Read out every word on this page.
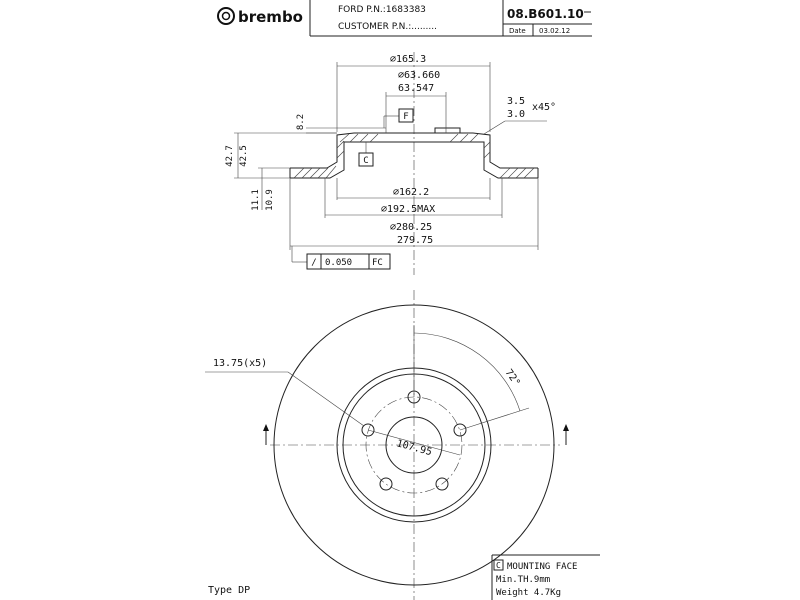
brembo	FORD P.N.:1683383
CUSTOMER P.N.:.........
08.B601.10
Date 03.02.12
∅165.3
∅63.660
63.547
8.2	F
3.5
3.0
x45°
C
42.7 42.5
11.1 10.9	∅162.2
∅192.5MAX
∅280.25
279.75
/ 0.050 FC
13.75(x5)
107.95
72°
Type DP
C MOUNTING FACE
Min.TH.9mm
Weight 4.7Kg
